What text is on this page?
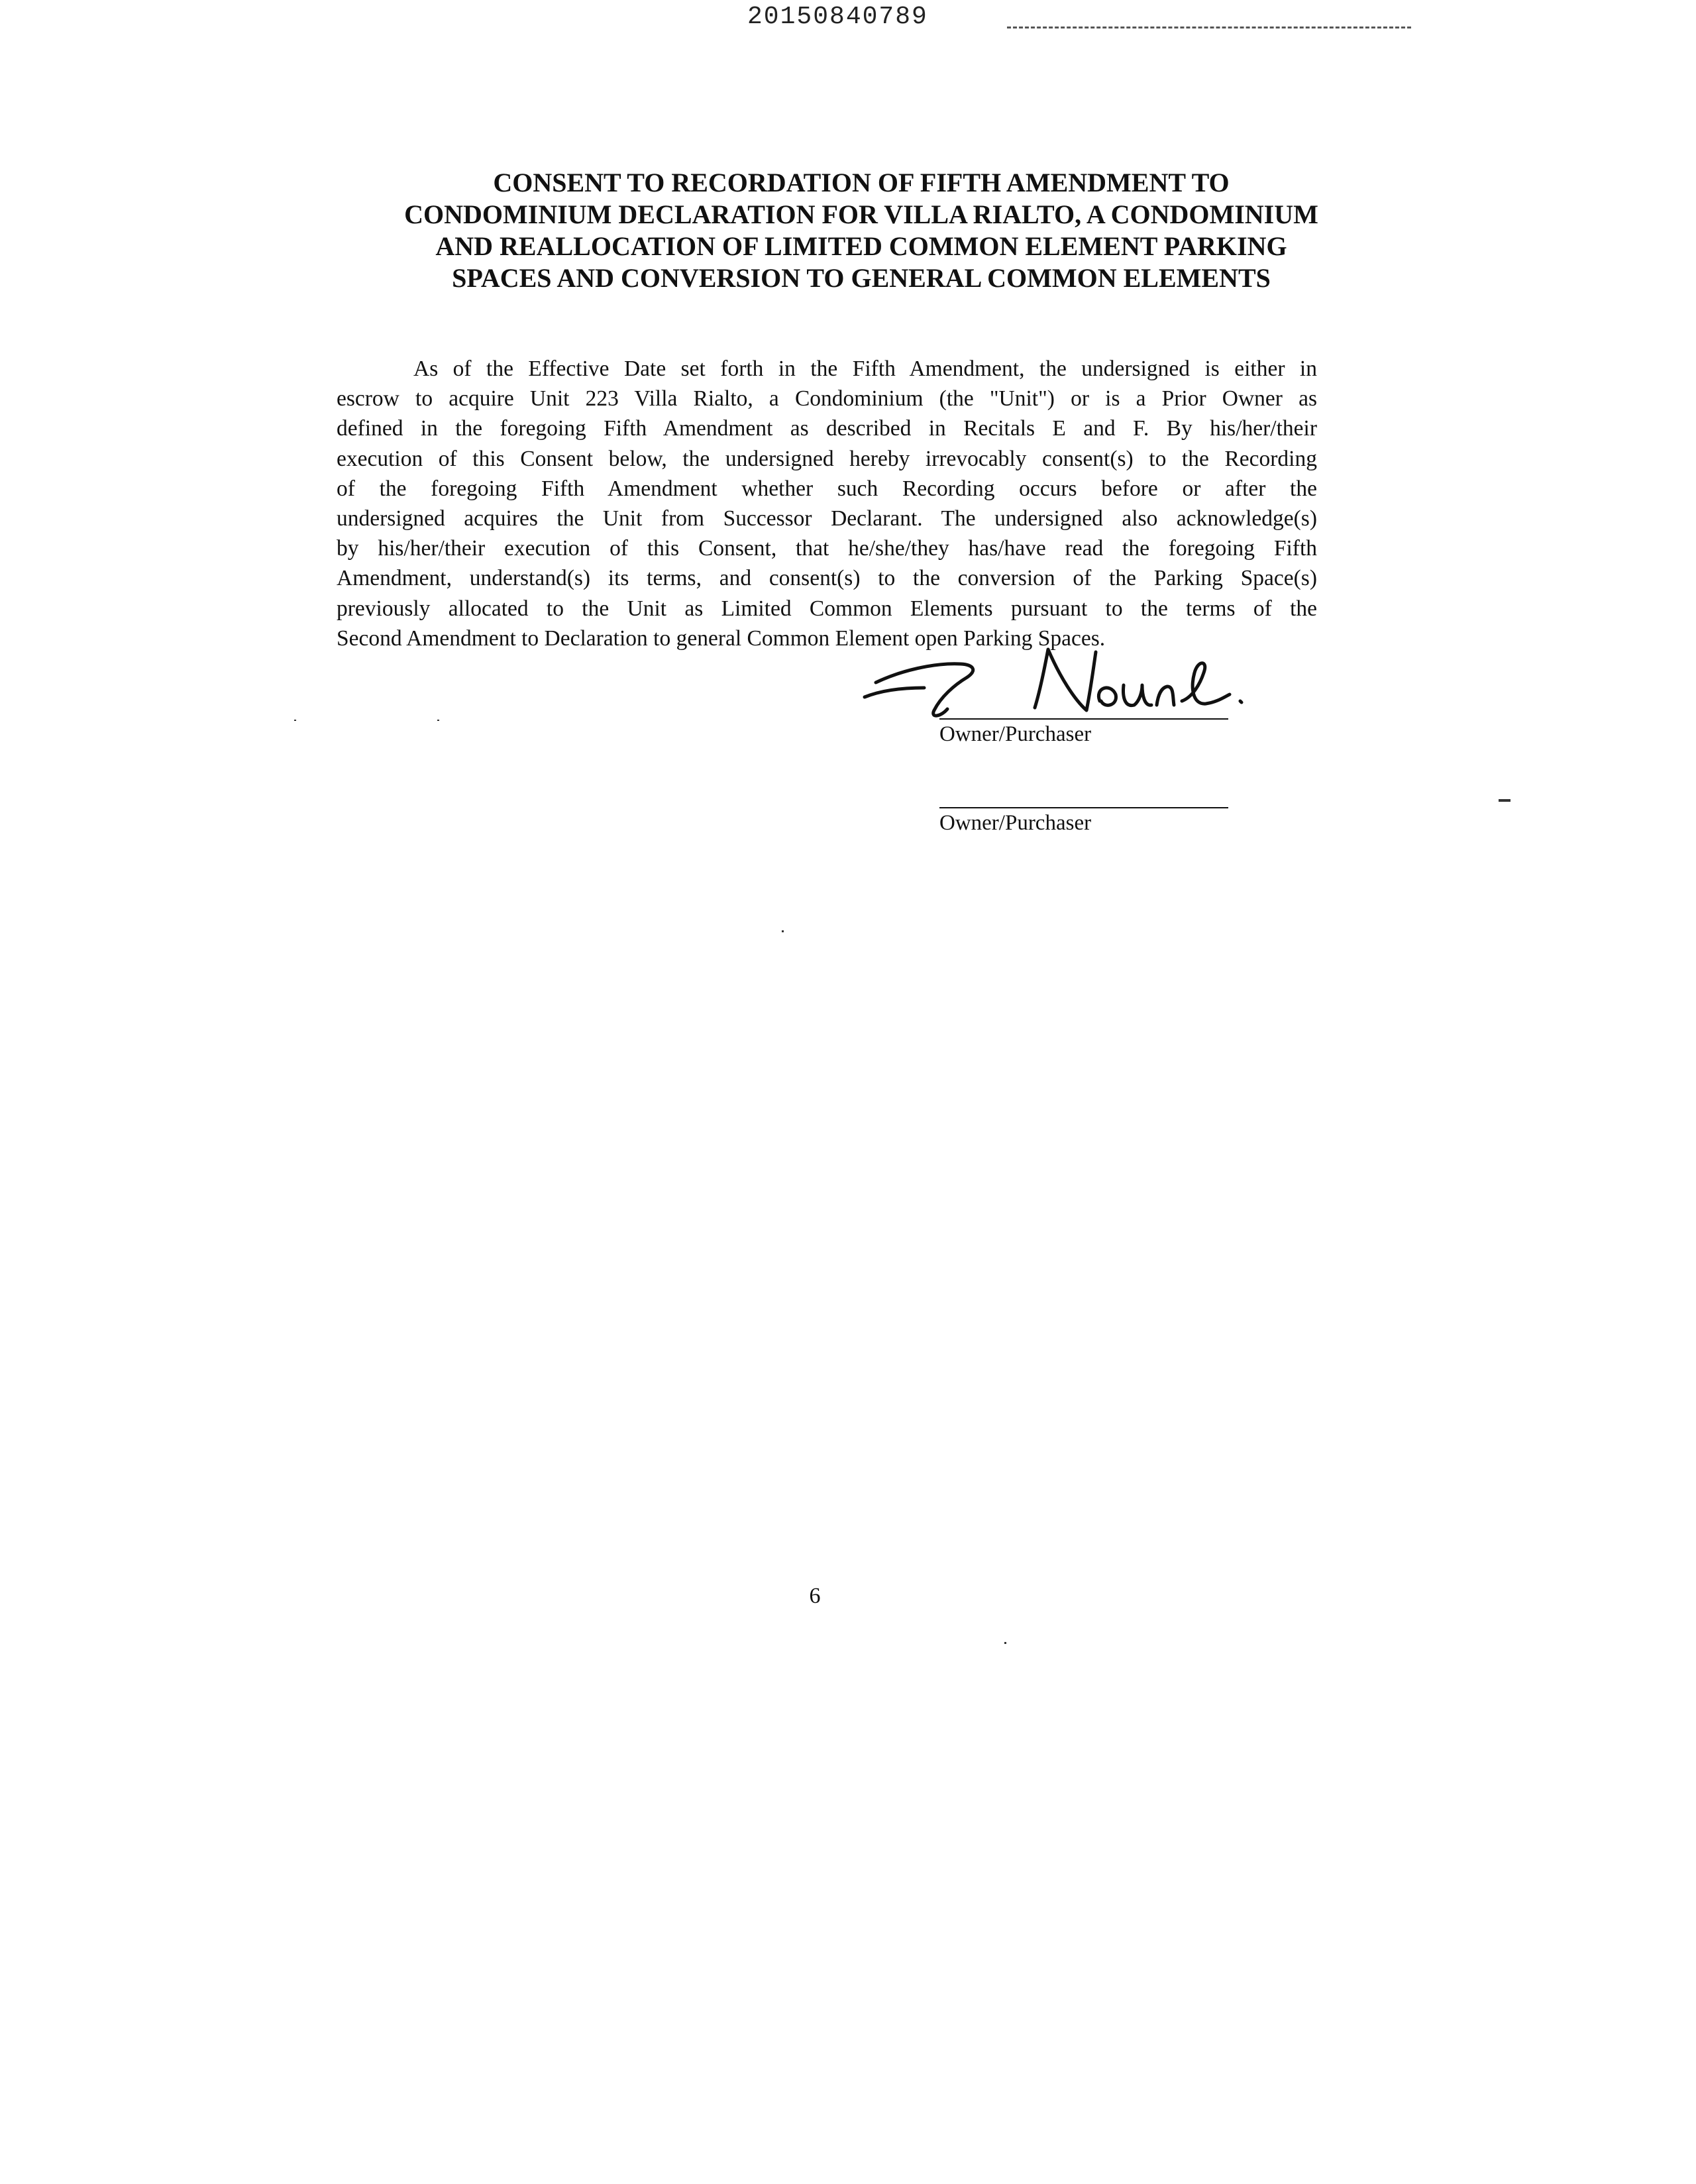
20150840789
CONSENT TO RECORDATION OF FIFTH AMENDMENT TO
CONDOMINIUM DECLARATION FOR VILLA RIALTO, A CONDOMINIUM
AND REALLOCATION OF LIMITED COMMON ELEMENT PARKING
SPACES AND CONVERSION TO GENERAL COMMON ELEMENTS

As of the Effective Date set forth in the Fifth Amendment, the undersigned is either in
escrow to acquire Unit 223 Villa Rialto, a Condominium (the "Unit") or is a Prior Owner as
defined in the foregoing Fifth Amendment as described in Recitals E and F. By his/her/their
execution of this Consent below, the undersigned hereby irrevocably consent(s) to the Recording
of the foregoing Fifth Amendment whether such Recording occurs before or after the
undersigned acquires the Unit from Successor Declarant. The undersigned also acknowledge(s)
by his/her/their execution of this Consent, that he/she/they has/have read the foregoing Fifth
Amendment, understand(s) its terms, and consent(s) to the conversion of the Parking Space(s)
previously allocated to the Unit as Limited Common Elements pursuant to the terms of the
Second Amendment to Declaration to general Common Element open Parking Spaces.

Owner/Purchaser
Owner/Purchaser
6
